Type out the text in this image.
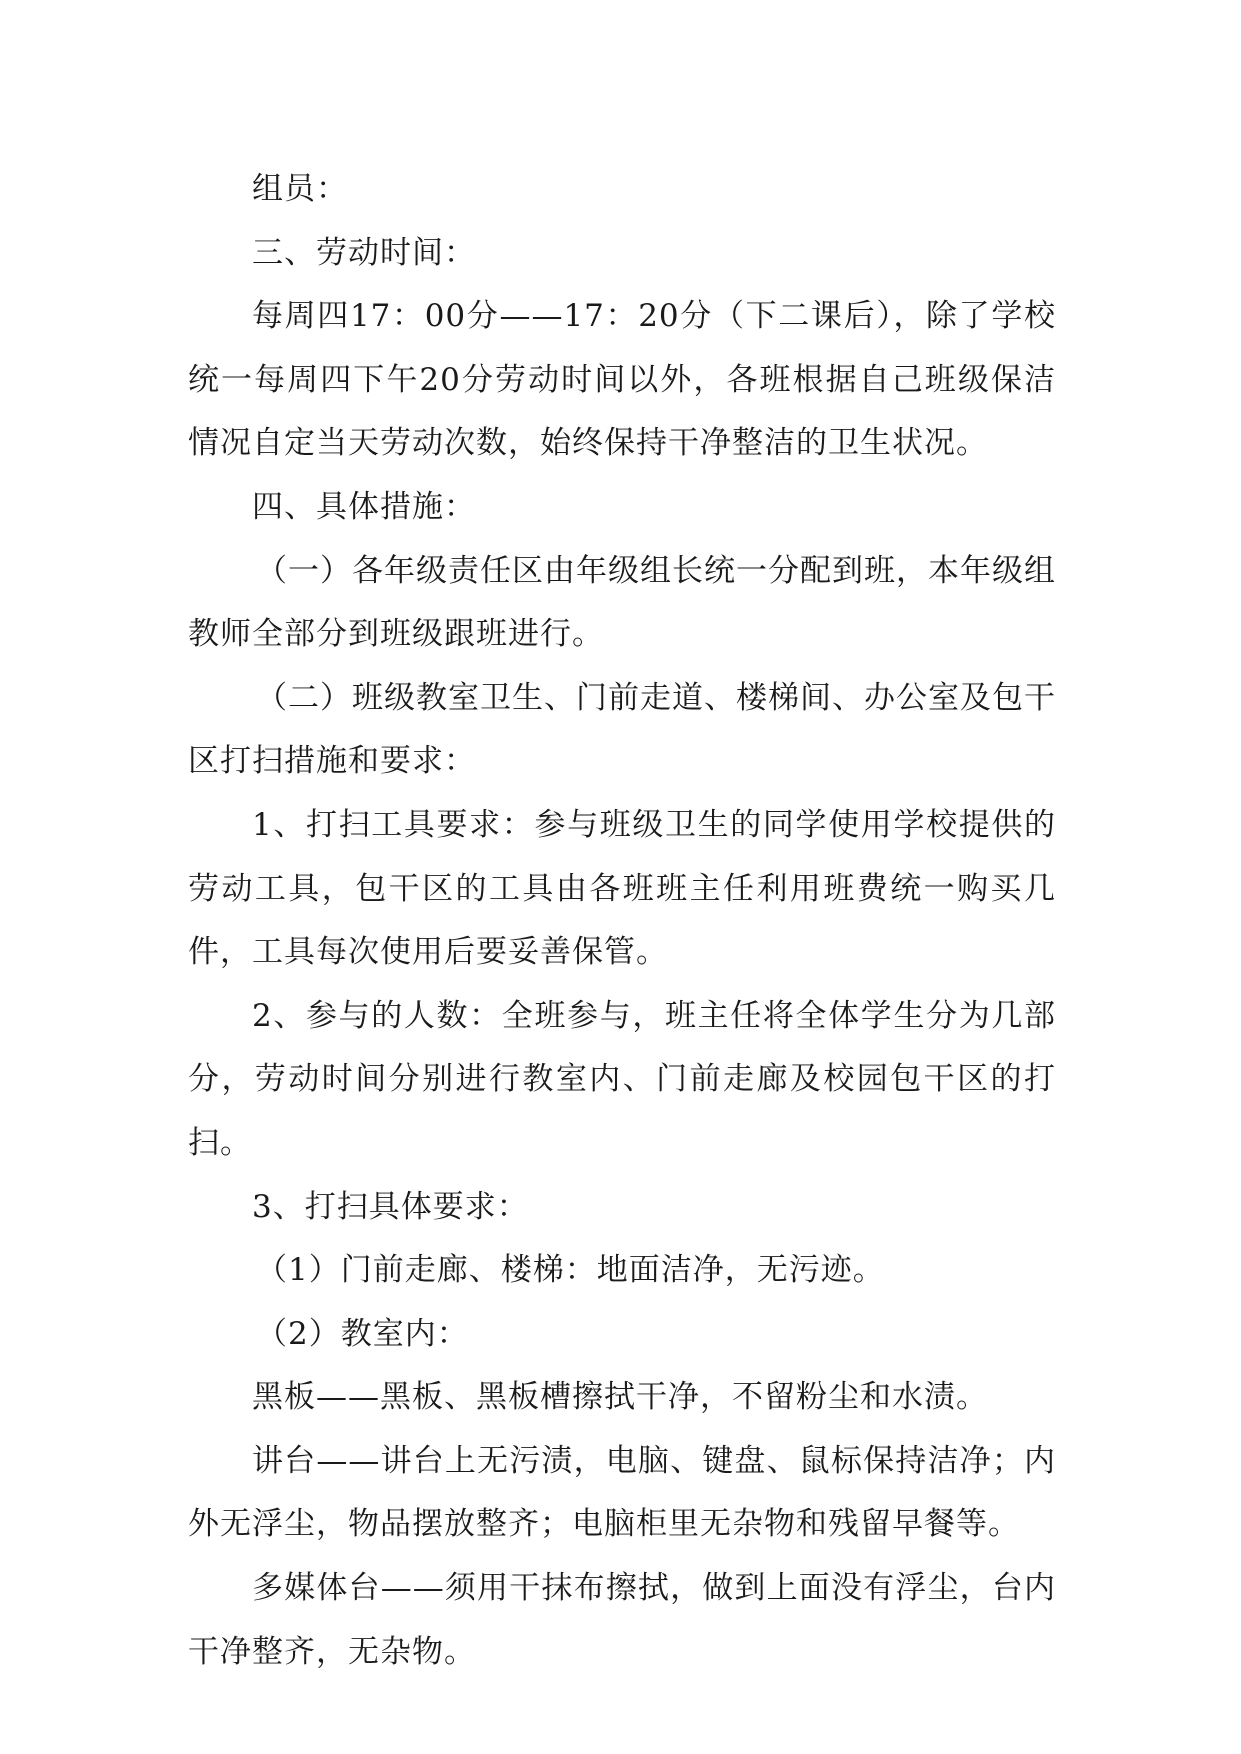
组员：

三、劳动时间：

每周四17：00分——17：20分（下二课后），除了学校统一每周四下午20分劳动时间以外，各班根据自己班级保洁情况自定当天劳动次数，始终保持干净整洁的卫生状况。

四、具体措施：

（一）各年级责任区由年级组长统一分配到班，本年级组教师全部分到班级跟班进行。

（二）班级教室卫生、门前走道、楼梯间、办公室及包干区打扫措施和要求：

1、打扫工具要求：参与班级卫生的同学使用学校提供的劳动工具，包干区的工具由各班班主任利用班费统一购买几件，工具每次使用后要妥善保管。

2、参与的人数：全班参与，班主任将全体学生分为几部分，劳动时间分别进行教室内、门前走廊及校园包干区的打扫。

3、打扫具体要求：

（1）门前走廊、楼梯：地面洁净，无污迹。

（2）教室内：

黑板——黑板、黑板槽擦拭干净，不留粉尘和水渍。

讲台——讲台上无污渍，电脑、键盘、鼠标保持洁净；内外无浮尘，物品摆放整齐；电脑柜里无杂物和残留早餐等。

多媒体台——须用干抹布擦拭，做到上面没有浮尘，台内干净整齐，无杂物。
